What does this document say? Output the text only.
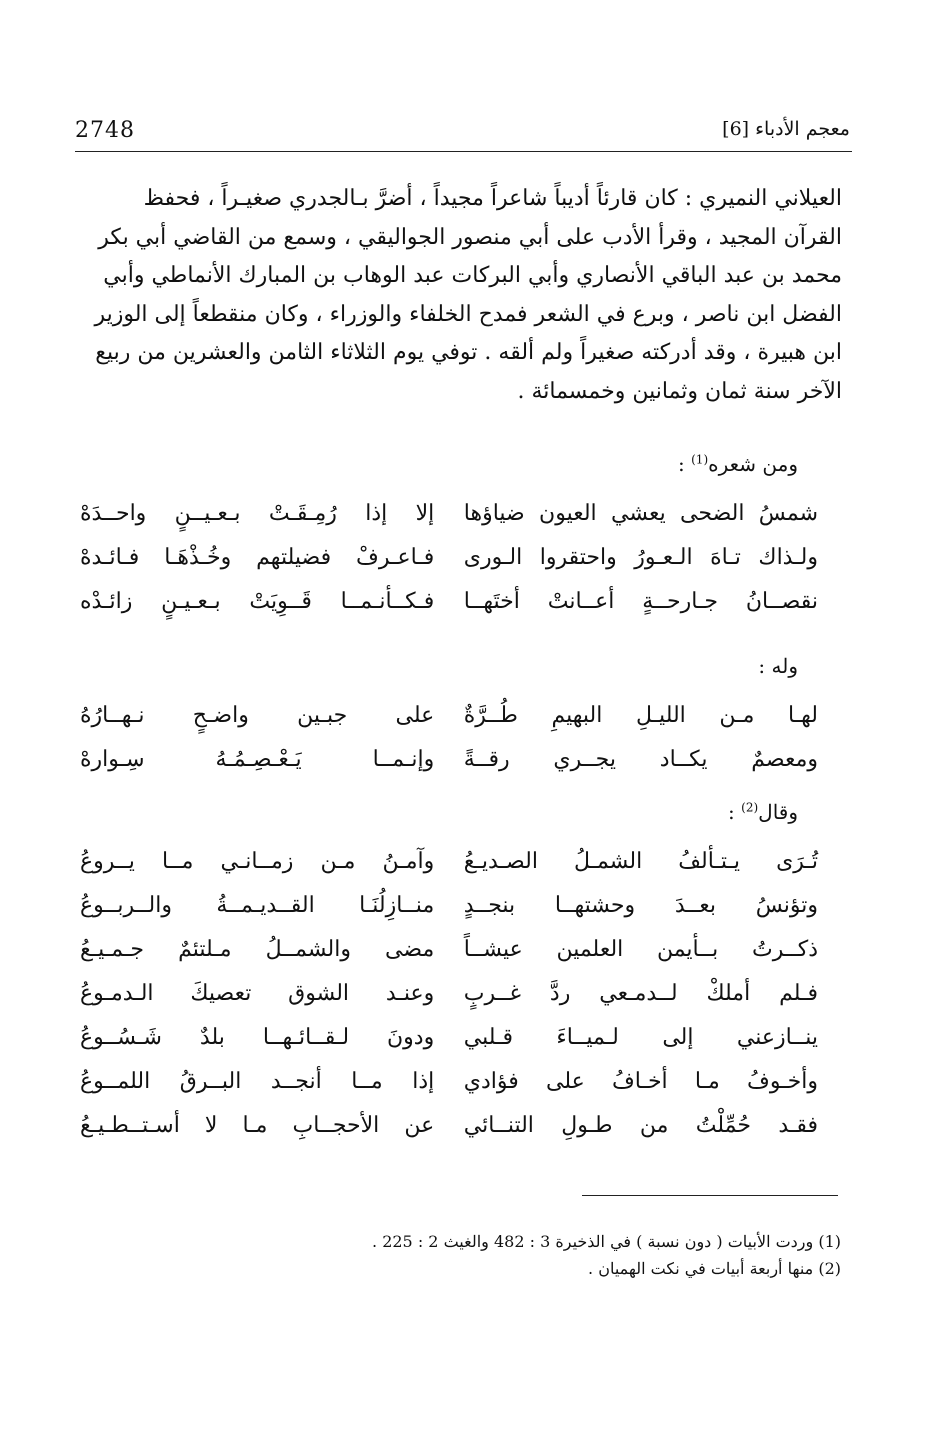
2748	معجم الأدباء [6]

العيلاني النميري : كان قارئاً أديباً شاعراً مجيداً ، أضرَّ بـالجدري صغيـراً ، فحفظ

القرآن المجيد ، وقرأ الأدب على أبي منصور الجواليقي ، وسمع من القاضي أبي بكر

محمد بن عبد الباقي الأنصاري وأبي البركات عبد الوهاب بن المبارك الأنماطي وأبي

الفضل ابن ناصر ، وبرع في الشعر فمدح الخلفاء والوزراء ، وكان منقطعاً إلى الوزير

ابن هبيرة ، وقد أدركته صغيراً ولم ألقه . توفي يوم الثلاثاء الثامن والعشرين من ربيع

الآخر سنة ثمان وثمانين وخمسمائة .

ومن شعره$^{(1)}$ :
شمسُ الضحى يعشي العيون ضياؤها
إلا إذا رُمِـقَـتْ بـعـيــنٍ واحــدَهْ
ولـذاك تـاهَ الـعـورُ واحتقروا الـورى
فـاعـرفْ فضيلتهم وخُـذْهَـا فـائـدهْ
نقصــانُ جـارحــةٍ أعــانتْ أختَهــا
فـكــأنـمــا قَــوِيَتْ بـعـيـنٍ زائـدْه
وله :
لهـا مـن الليـلِ البهيمِ طُــرَّةٌ
على جبـين واضـحٍ نـهــارُهُ
ومعصمٌ يكــاد يجــري رقــةً
وإنـمــا يَـعْـصِـمُـهُ سِـوارهْ
وقال$^{(2)}$ :
تُـرَى يـتـألفُ الشمـلُ الصـديـعُ
وآمـنُ مـن زمــانـي مــا يــروعُ
وتؤنسُ بعــدَ وحشتهــا بنجــدٍ
منــازِلُنَـا القــديـمــةُ والــربــوعُ
ذكــرتُ بــأيمن العلمين عيشــاً
مضى والشمــلُ مـلتئمٌ جـمـيـعُ
فـلم أملكْ لــدمـعي ردَّ غــربٍ
وعنـد الشوق تعصيكَ الـدمـوعُ
ينــازعني إلى لـميــاءَ قـلبي
ودونَ لـقــائـهــا بلدٌ شَـسُــوعُ
وأخـوفُ مـا أخـافُ على فؤادي
إذا مــا أنجــد البــرقُ اللمــوعُ
فقـد حُمِّلْتُ من طـولِ التنــائي
عن الأحجــابِ مـا لا أسـتــطـيـعُ

(1) وردت الأبيات ( دون نسبة ) في الذخيرة 3 : 482 والغيث 2 : 225 .

(2) منها أربعة أبيات في نكت الهميان .
